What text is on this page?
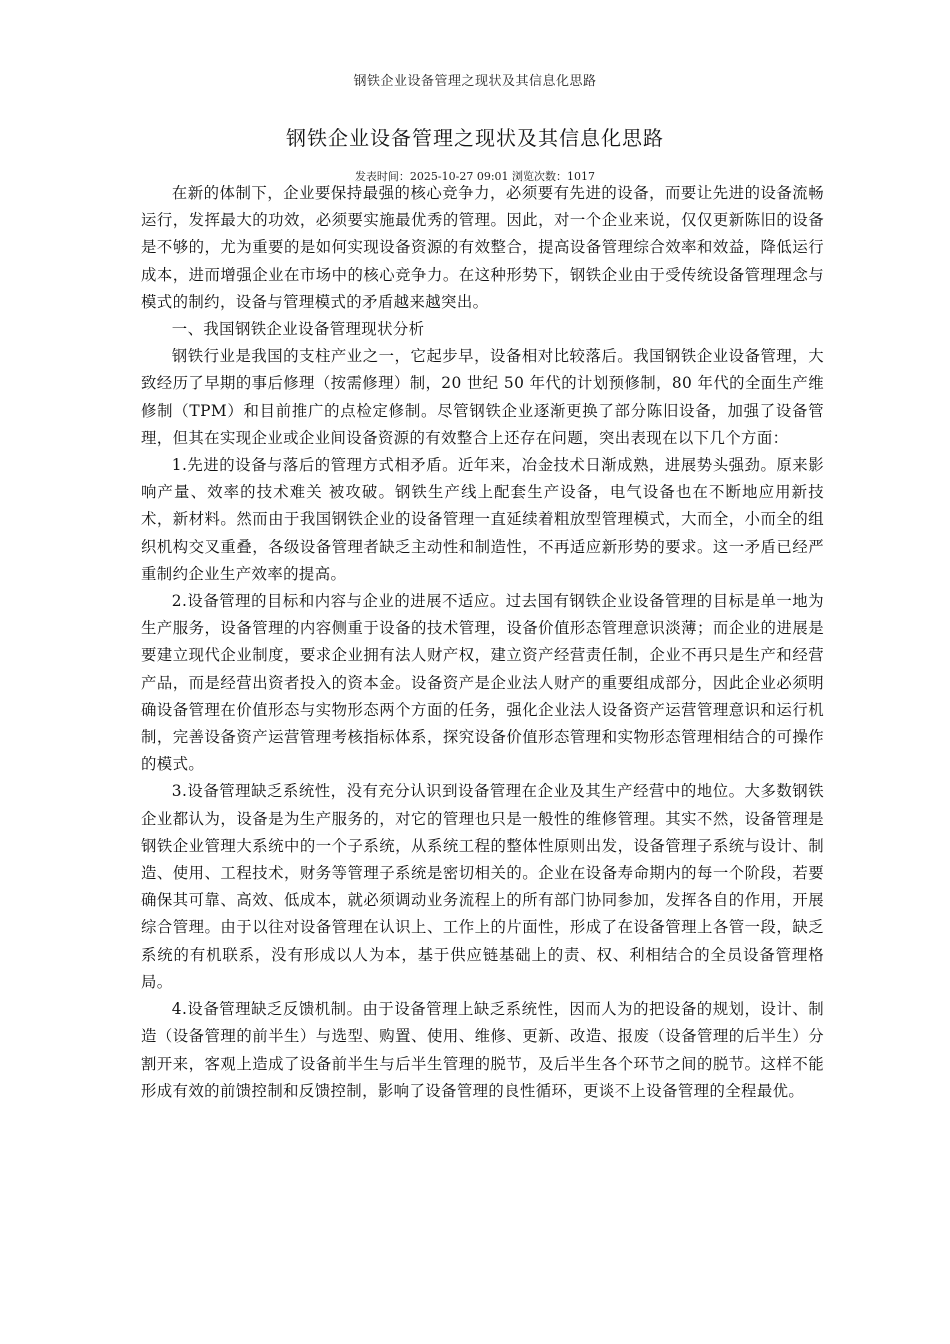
钢铁企业设备管理之现状及其信息化思路
钢铁企业设备管理之现状及其信息化思路
发表时间：2025-10-27 09:01 浏览次数：1017

在新的体制下，企业要保持最强的核心竞争力，必须要有先进的设备，而要让先进的设备流畅运行，发挥最大的功效，必须要实施最优秀的管理。因此，对一个企业来说，仅仅更新陈旧的设备是不够的，尤为重要的是如何实现设备资源的有效整合，提高设备管理综合效率和效益，降低运行成本，进而增强企业在市场中的核心竞争力。在这种形势下，钢铁企业由于受传统设备管理理念与模式的制约，设备与管理模式的矛盾越来越突出。

一、我国钢铁企业设备管理现状分析

钢铁行业是我国的支柱产业之一，它起步早，设备相对比较落后。我国钢铁企业设备管理，大致经历了早期的事后修理（按需修理）制，20 世纪 50 年代的计划预修制，80 年代的全面生产维修制（TPM）和目前推广的点检定修制。尽管钢铁企业逐渐更换了部分陈旧设备，加强了设备管理，但其在实现企业或企业间设备资源的有效整合上还存在问题，突出表现在以下几个方面：

1.先进的设备与落后的管理方式相矛盾。近年来，冶金技术日渐成熟，进展势头强劲。原来影响产量、效率的技术难关 被攻破。钢铁生产线上配套生产设备，电气设备也在不断地应用新技术，新材料。然而由于我国钢铁企业的设备管理一直延续着粗放型管理模式，大而全，小而全的组织机构交叉重叠，各级设备管理者缺乏主动性和制造性，不再适应新形势的要求。这一矛盾已经严重制约企业生产效率的提高。

2.设备管理的目标和内容与企业的进展不适应。过去国有钢铁企业设备管理的目标是单一地为生产服务，设备管理的内容侧重于设备的技术管理，设备价值形态管理意识淡薄；而企业的进展是要建立现代企业制度，要求企业拥有法人财产权，建立资产经营责任制，企业不再只是生产和经营产品，而是经营出资者投入的资本金。设备资产是企业法人财产的重要组成部分，因此企业必须明确设备管理在价值形态与实物形态两个方面的任务，强化企业法人设备资产运营管理意识和运行机制，完善设备资产运营管理考核指标体系，探究设备价值形态管理和实物形态管理相结合的可操作的模式。

3.设备管理缺乏系统性，没有充分认识到设备管理在企业及其生产经营中的地位。大多数钢铁企业都认为，设备是为生产服务的，对它的管理也只是一般性的维修管理。其实不然，设备管理是钢铁企业管理大系统中的一个子系统，从系统工程的整体性原则出发，设备管理子系统与设计、制造、使用、工程技术，财务等管理子系统是密切相关的。企业在设备寿命期内的每一个阶段，若要确保其可靠、高效、低成本，就必须调动业务流程上的所有部门协同参加，发挥各自的作用，开展综合管理。由于以往对设备管理在认识上、工作上的片面性，形成了在设备管理上各管一段，缺乏系统的有机联系，没有形成以人为本，基于供应链基础上的责、权、利相结合的全员设备管理格局。

4.设备管理缺乏反馈机制。由于设备管理上缺乏系统性，因而人为的把设备的规划，设计、制造（设备管理的前半生）与选型、购置、使用、维修、更新、改造、报废（设备管理的后半生）分割开来，客观上造成了设备前半生与后半生管理的脱节，及后半生各个环节之间的脱节。这样不能形成有效的前馈控制和反馈控制，影响了设备管理的良性循环，更谈不上设备管理的全程最优。
